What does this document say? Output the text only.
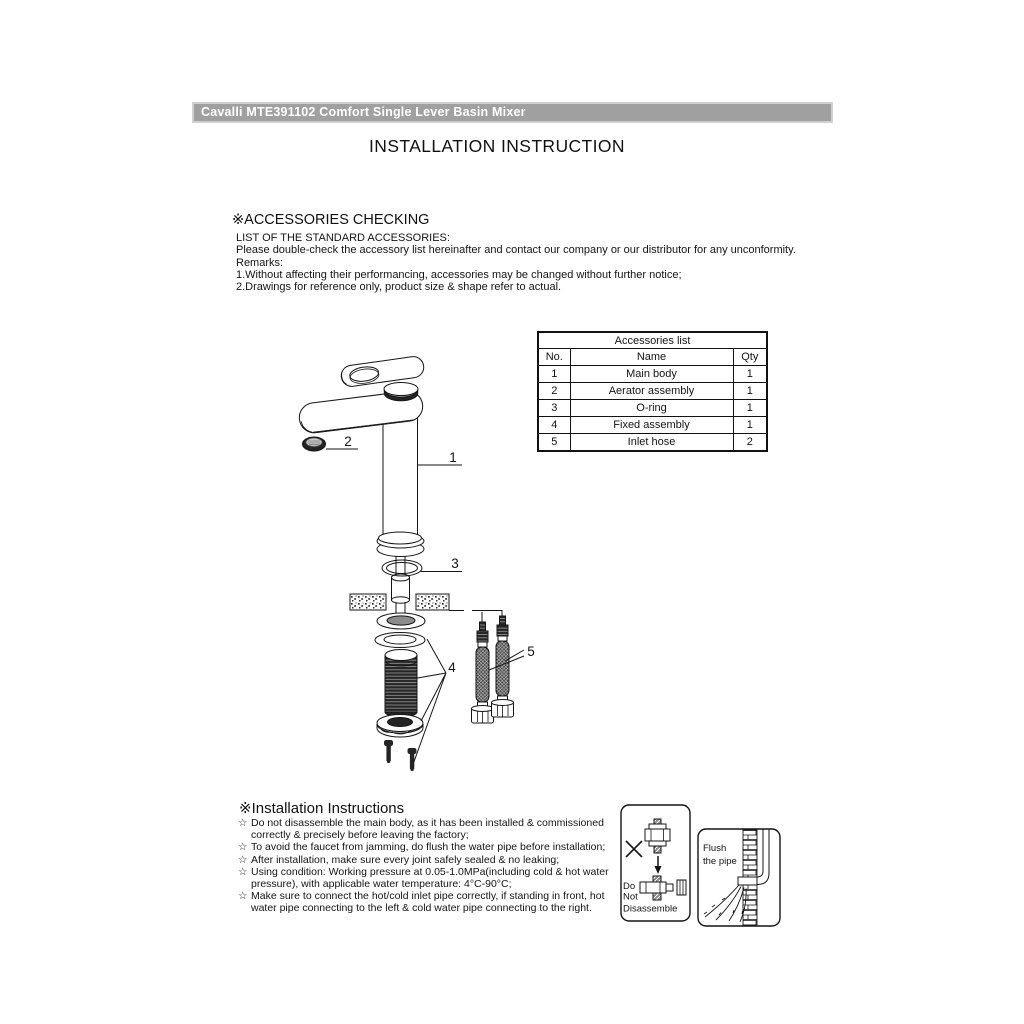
Cavalli MTE391102 Comfort Single Lever Basin Mixer
INSTALLATION INSTRUCTION
※ACCESSORIES CHECKING
LIST OF THE STANDARD ACCESSORIES:
Please double-check the accessory list hereinafter and contact our company or our distributor for any unconformity.
Remarks:
1.Without affecting their performancing, accessories may be changed without further notice;
2.Drawings for reference only, product size & shape refer to actual.
Accessories list		
No.	Name	Qty
1	Main body	1
2	Aerator assembly	1
3	O-ring	1
4	Fixed assembly	1
5	Inlet hose	2
1
2
3
4
5
※Installation Instructions
☆ Do not disassemble the main body, as it has been installed & commissioned correctly & precisely before leaving the factory;
☆ To avoid the faucet from jamming, do flush the water pipe before installation;
☆ After installation, make sure every joint safely sealed & no leaking;
☆ Using condition: Working pressure at 0.05-1.0MPa(including cold & hot water pressure), with applicable water temperature: 4°C-90°C;
☆ Make sure to connect the hot/cold inlet pipe correctly, if standing in front, hot water pipe connecting to the left & cold water pipe connecting to the right.
Do
Not
Disassemble
Flush
the pipe
